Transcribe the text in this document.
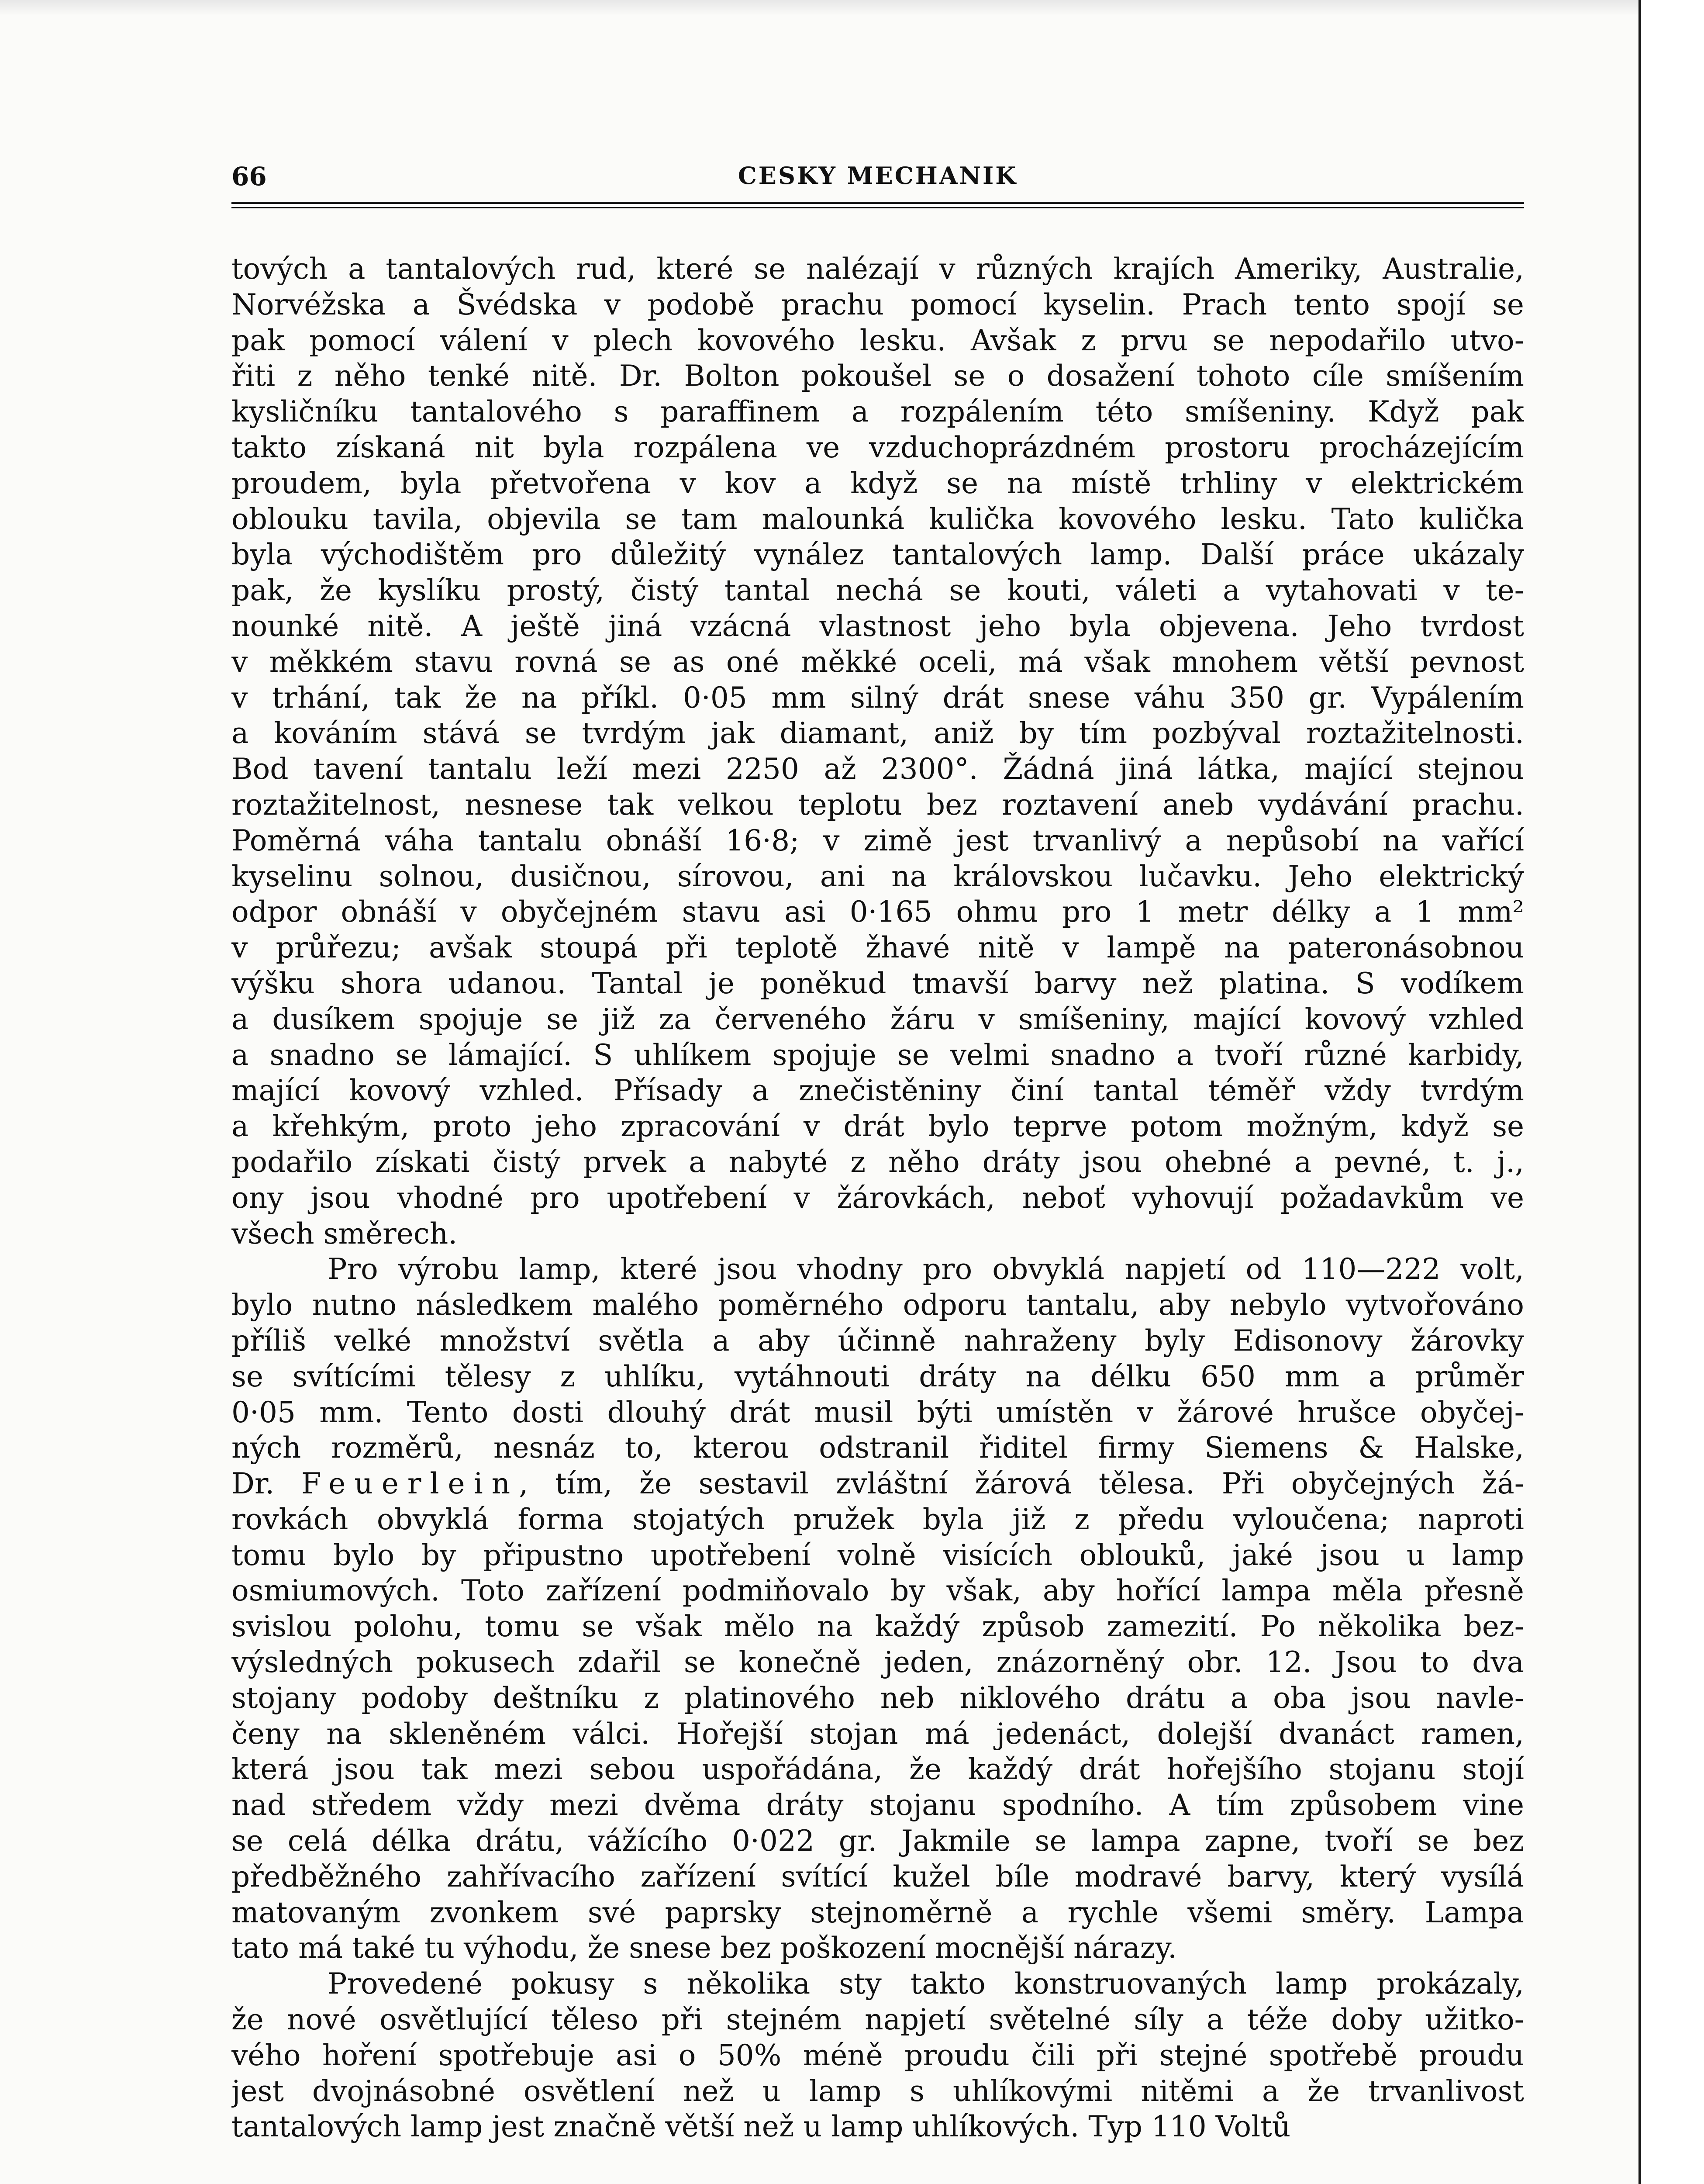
66	CESKY MECHANIK
tových a tantalových rud, které se nalézají v různých krajích Ameriky, Australie,
Norvéžska a Švédska v podobě prachu pomocí kyselin. Prach tento spojí se
pak pomocí válení v plech kovového lesku. Avšak z prvu se nepodařilo utvo-
řiti z něho tenké nitě. Dr. Bolton pokoušel se o dosažení tohoto cíle smíšením
kysličníku tantalového s paraffinem a rozpálením této smíšeniny. Když pak
takto získaná nit byla rozpálena ve vzduchoprázdném prostoru procházejícím
proudem, byla přetvořena v kov a když se na místě trhliny v elektrickém
oblouku tavila, objevila se tam malounká kulička kovového lesku. Tato kulička
byla východištěm pro důležitý vynález tantalových lamp. Další práce ukázaly
pak, že kyslíku prostý, čistý tantal nechá se kouti, váleti a vytahovati v te-
nounké nitě. A ještě jiná vzácná vlastnost jeho byla objevena. Jeho tvrdost
v měkkém stavu rovná se as oné měkké oceli, má však mnohem větší pevnost
v trhání, tak že na příkl. 0·05 mm silný drát snese váhu 350 gr. Vypálením
a kováním stává se tvrdým jak diamant, aniž by tím pozbýval roztažitelnosti.
Bod tavení tantalu leží mezi 2250 až 2300°. Žádná jiná látka, mající stejnou
roztažitelnost, nesnese tak velkou teplotu bez roztavení aneb vydávání prachu.
Poměrná váha tantalu obnáší 16·8; v zimě jest trvanlivý a nepůsobí na vařící
kyselinu solnou, dusičnou, sírovou, ani na královskou lučavku. Jeho elektrický
odpor obnáší v obyčejném stavu asi 0·165 ohmu pro 1 metr délky a 1 mm²
v průřezu; avšak stoupá při teplotě žhavé nitě v lampě na pateronásobnou
výšku shora udanou. Tantal je poněkud tmavší barvy než platina. S vodíkem
a dusíkem spojuje se již za červeného žáru v smíšeniny, mající kovový vzhled
a snadno se lámající. S uhlíkem spojuje se velmi snadno a tvoří různé karbidy,
mající kovový vzhled. Přísady a znečistěniny činí tantal téměř vždy tvrdým
a křehkým, proto jeho zpracování v drát bylo teprve potom možným, když se
podařilo získati čistý prvek a nabyté z něho dráty jsou ohebné a pevné, t. j.,
ony jsou vhodné pro upotřebení v žárovkách, neboť vyhovují požadavkům ve
všech směrech.
Pro výrobu lamp, které jsou vhodny pro obvyklá napjetí od 110—222 volt,
bylo nutno následkem malého poměrného odporu tantalu, aby nebylo vytvořováno
příliš velké množství světla a aby účinně nahraženy byly Edisonovy žárovky
se svítícími tělesy z uhlíku, vytáhnouti dráty na délku 650 mm a průměr
0·05 mm. Tento dosti dlouhý drát musil býti umístěn v žárové hrušce obyčej-
ných rozměrů, nesnáz to, kterou odstranil řiditel firmy Siemens & Halske,
Dr. Feuerlein, tím, že sestavil zvláštní žárová tělesa. Při obyčejných žá-
rovkách obvyklá forma stojatých pružek byla již z předu vyloučena; naproti
tomu bylo by připustno upotřebení volně visících oblouků, jaké jsou u lamp
osmiumových. Toto zařízení podmiňovalo by však, aby hořící lampa měla přesně
svislou polohu, tomu se však mělo na každý způsob zamezití. Po několika bez-
výsledných pokusech zdařil se konečně jeden, znázorněný obr. 12. Jsou to dva
stojany podoby deštníku z platinového neb niklového drátu a oba jsou navle-
čeny na skleněném válci. Hořejší stojan má jedenáct, dolejší dvanáct ramen,
která jsou tak mezi sebou uspořádána, že každý drát hořejšího stojanu stojí
nad středem vždy mezi dvěma dráty stojanu spodního. A tím způsobem vine
se celá délka drátu, vážícího 0·022 gr. Jakmile se lampa zapne, tvoří se bez
předběžného zahřívacího zařízení svítící kužel bíle modravé barvy, který vysílá
matovaným zvonkem své paprsky stejnoměrně a rychle všemi směry. Lampa
tato má také tu výhodu, že snese bez poškození mocnější nárazy.
Provedené pokusy s několika sty takto konstruovaných lamp prokázaly,
že nové osvětlující těleso při stejném napjetí světelné síly a téže doby užitko-
vého hoření spotřebuje asi o 50% méně proudu čili při stejné spotřebě proudu
jest dvojnásobné osvětlení než u lamp s uhlíkovými nitěmi a že trvanlivost
tantalových lamp jest značně větší než u lamp uhlíkových. Typ 110 Voltů
